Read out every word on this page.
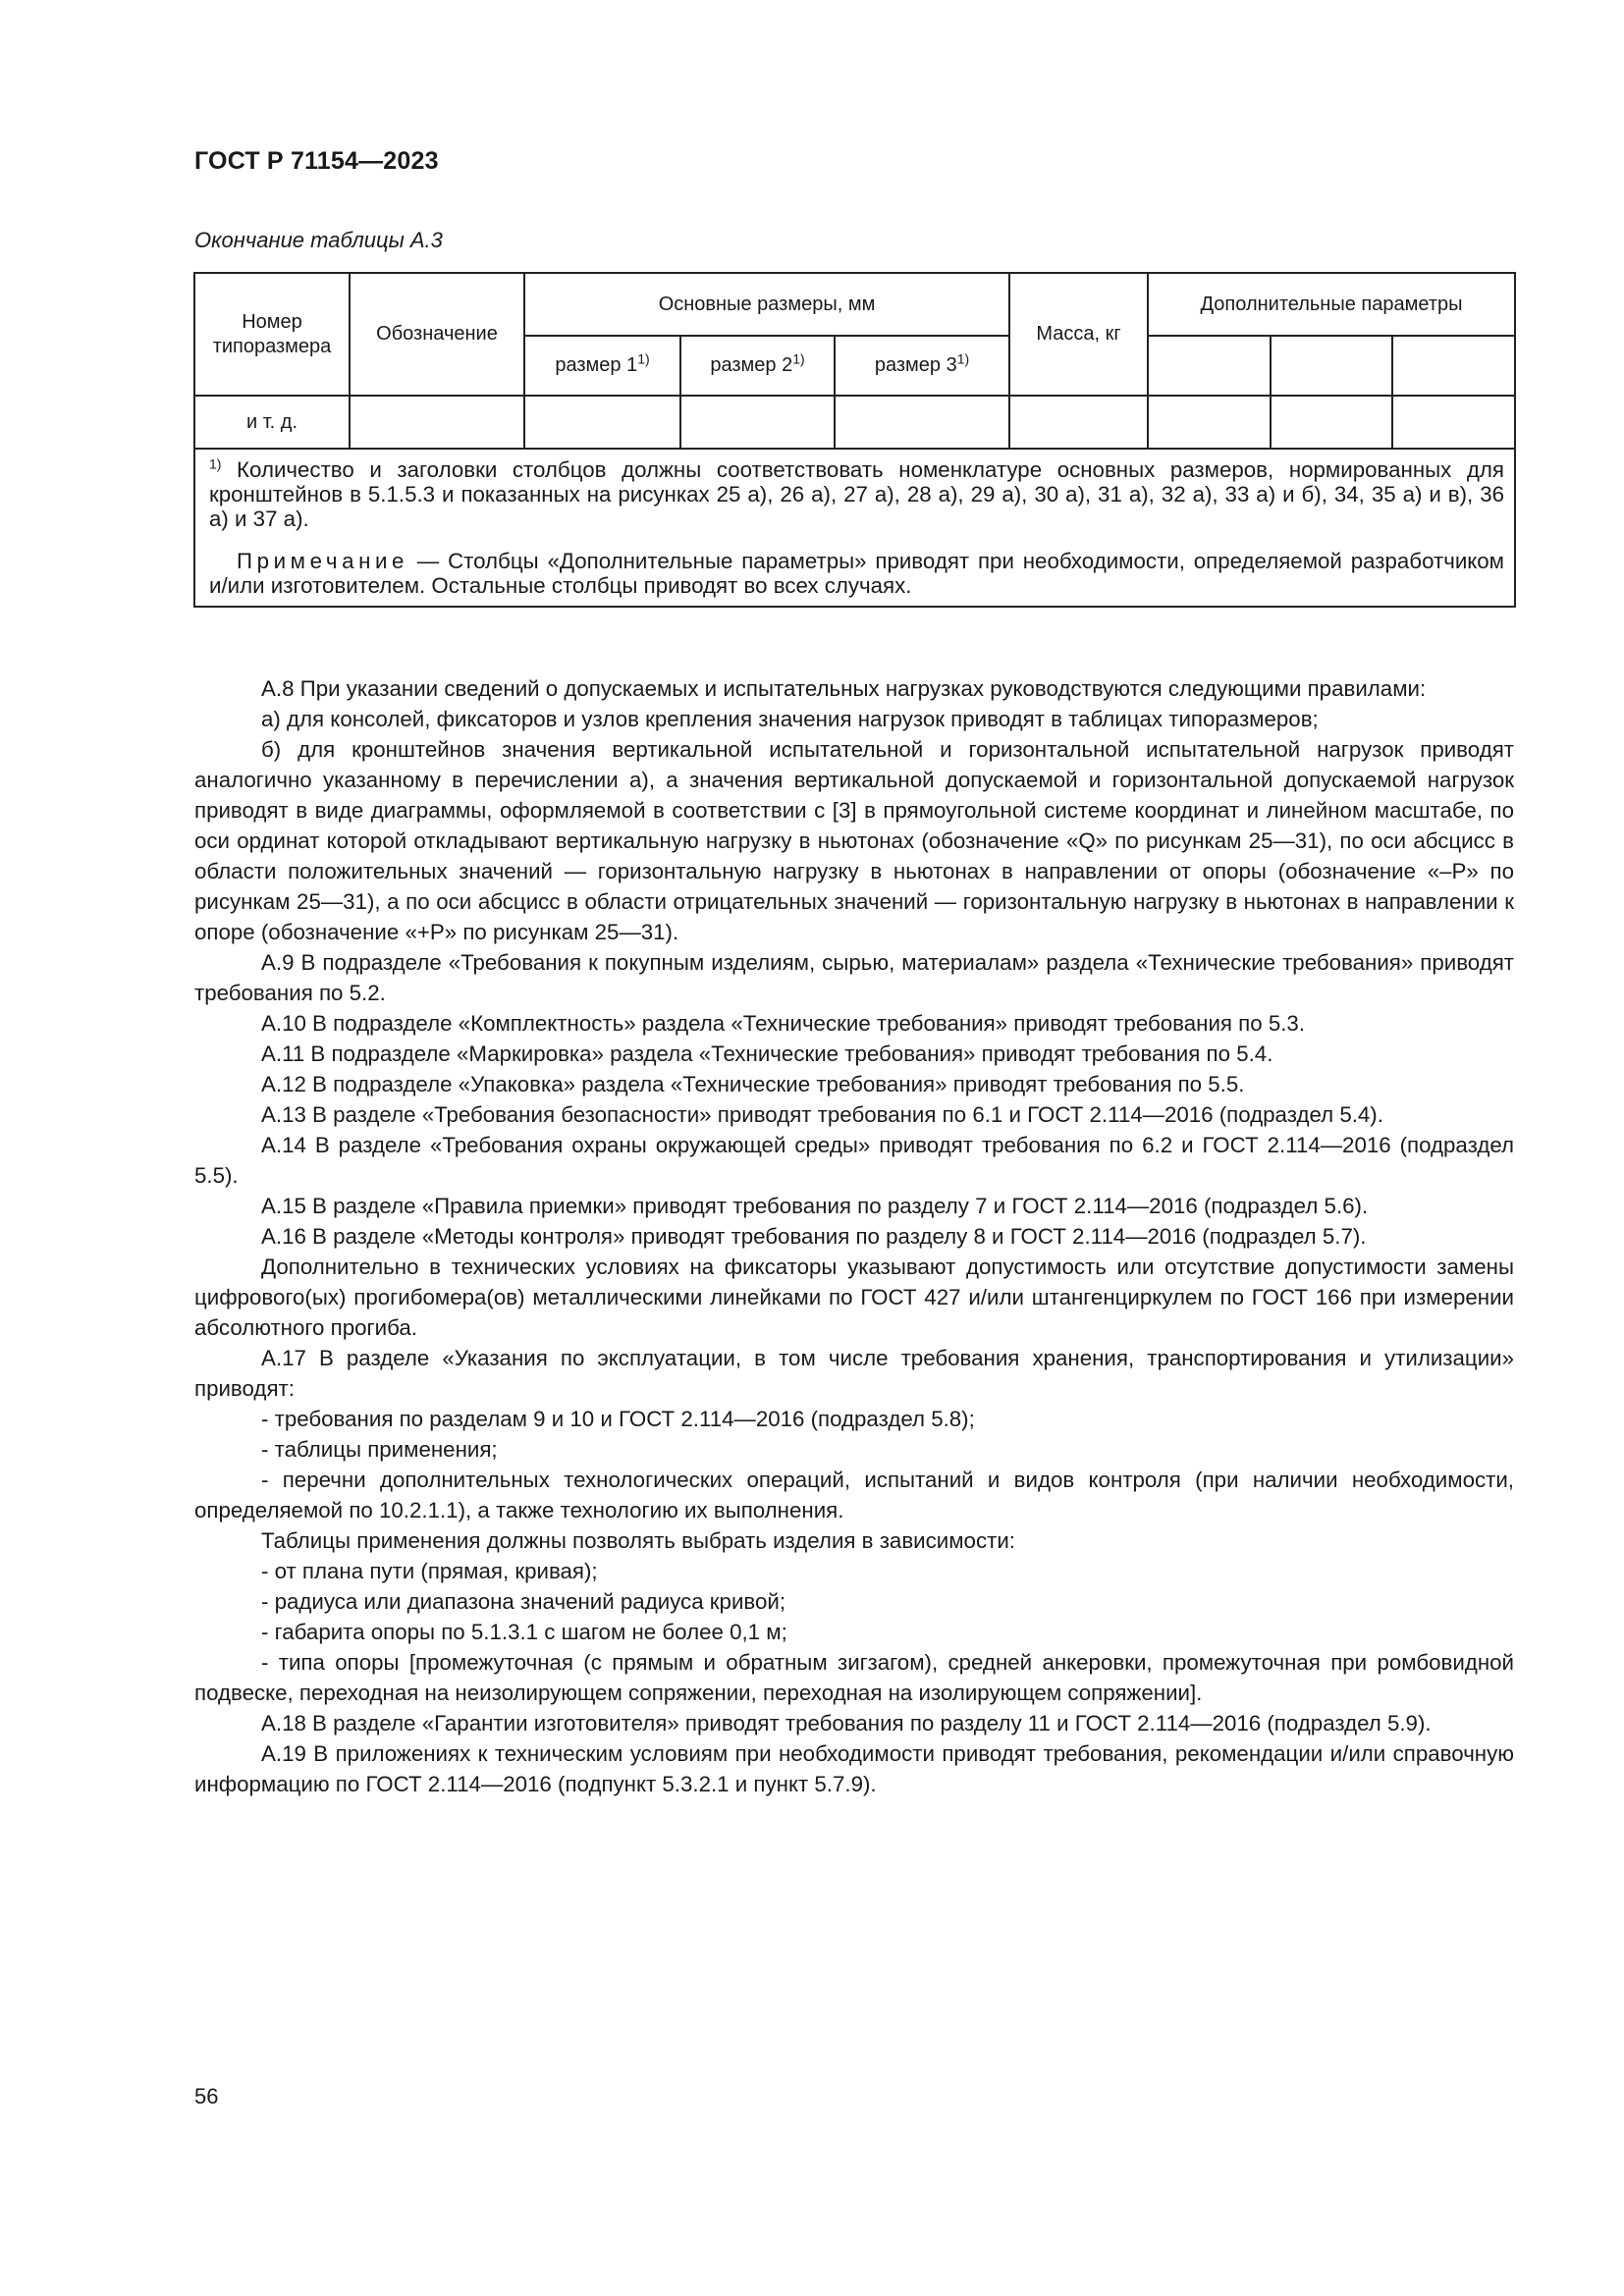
ГОСТ Р 71154—2023
Окончание таблицы А.3
Номер типоразмера	Обозначение	Основные размеры, мм			Масса, кг	Дополнительные параметры		
		размер 1$^{1)}$	размер 2$^{1)}$	размер 3$^{1)}$			
и т. д.								

$^{1)}$ Количество и заголовки столбцов должны соответствовать номенклатуре основных размеров, нормированных для кронштейнов в 5.1.5.3 и показанных на рисунках 25 а), 26 а), 27 а), 28 а), 29 а), 30 а), 31 а), 32 а), 33 а) и б), 34, 35 а) и в), 36 а) и 37 а).

Примечание — Столбцы «Дополнительные параметры» приводят при необходимости, определяемой разработчиком и/или изготовителем. Остальные столбцы приводят во всех случаях.								

А.8 При указании сведений о допускаемых и испытательных нагрузках руководствуются следующими правилами:

а) для консолей, фиксаторов и узлов крепления значения нагрузок приводят в таблицах типоразмеров;

б) для кронштейнов значения вертикальной испытательной и горизонтальной испытательной нагрузок приводят аналогично указанному в перечислении а), а значения вертикальной допускаемой и горизонтальной допускаемой нагрузок приводят в виде диаграммы, оформляемой в соответствии с [3] в прямоугольной системе координат и линейном масштабе, по оси ординат которой откладывают вертикальную нагрузку в ньютонах (обозначение «Q» по рисункам 25—31), по оси абсцисс в области положительных значений — горизонтальную нагрузку в ньютонах в направлении от опоры (обозначение «–P» по рисункам 25—31), а по оси абсцисс в области отрицательных значений — горизонтальную нагрузку в ньютонах в направлении к опоре (обозначение «+P» по рисункам 25—31).

А.9 В подразделе «Требования к покупным изделиям, сырью, материалам» раздела «Технические требования» приводят требования по 5.2.

А.10 В подразделе «Комплектность» раздела «Технические требования» приводят требования по 5.3.

А.11 В подразделе «Маркировка» раздела «Технические требования» приводят требования по 5.4.

А.12 В подразделе «Упаковка» раздела «Технические требования» приводят требования по 5.5.

А.13 В разделе «Требования безопасности» приводят требования по 6.1 и ГОСТ 2.114—2016 (подраздел 5.4).

А.14 В разделе «Требования охраны окружающей среды» приводят требования по 6.2 и ГОСТ 2.114—2016 (подраздел 5.5).

А.15 В разделе «Правила приемки» приводят требования по разделу 7 и ГОСТ 2.114—2016 (подраздел 5.6).

А.16 В разделе «Методы контроля» приводят требования по разделу 8 и ГОСТ 2.114—2016 (подраздел 5.7).

Дополнительно в технических условиях на фиксаторы указывают допустимость или отсутствие допустимости замены цифрового(ых) прогибомера(ов) металлическими линейками по ГОСТ 427 и/или штангенциркулем по ГОСТ 166 при измерении абсолютного прогиба.

А.17 В разделе «Указания по эксплуатации, в том числе требования хранения, транспортирования и утилизации» приводят:

- требования по разделам 9 и 10 и ГОСТ 2.114—2016 (подраздел 5.8);

- таблицы применения;

- перечни дополнительных технологических операций, испытаний и видов контроля (при наличии необходимости, определяемой по 10.2.1.1), а также технологию их выполнения.

Таблицы применения должны позволять выбрать изделия в зависимости:

- от плана пути (прямая, кривая);

- радиуса или диапазона значений радиуса кривой;

- габарита опоры по 5.1.3.1 с шагом не более 0,1 м;

- типа опоры [промежуточная (с прямым и обратным зигзагом), средней анкеровки, промежуточная при ромбовидной подвеске, переходная на неизолирующем сопряжении, переходная на изолирующем сопряжении].

А.18 В разделе «Гарантии изготовителя» приводят требования по разделу 11 и ГОСТ 2.114—2016 (подраздел 5.9).

А.19 В приложениях к техническим условиям при необходимости приводят требования, рекомендации и/или справочную информацию по ГОСТ 2.114—2016 (подпункт 5.3.2.1 и пункт 5.7.9).

56
